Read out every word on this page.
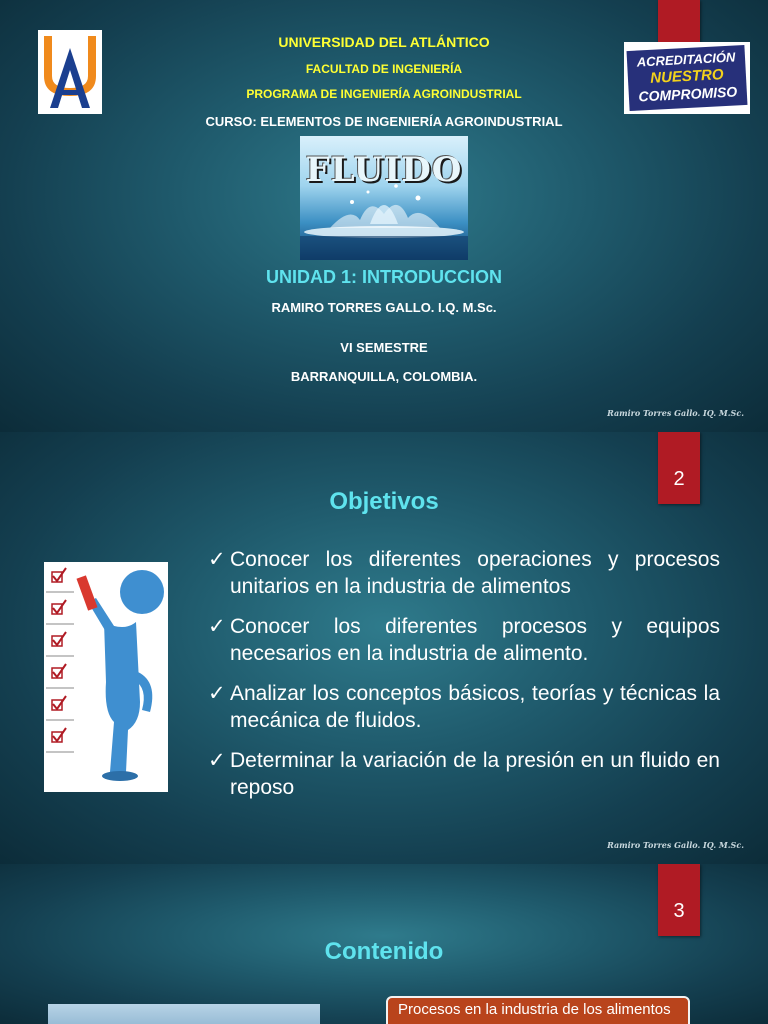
UNIVERSIDAD DEL ATLÁNTICO
FACULTAD DE INGENIERÍA
PROGRAMA DE INGENIERÍA AGROINDUSTRIAL
CURSO: ELEMENTOS DE INGENIERÍA AGROINDUSTRIAL
ACREDITACIÓN
NUESTRO
COMPROMISO
FLUIDO
UNIDAD 1: INTRODUCCION
RAMIRO TORRES GALLO. I.Q. M.Sc.
VI SEMESTRE
BARRANQUILLA, COLOMBIA.
Ramiro Torres Gallo. IQ. M.Sc.
2
Objetivos
✓ Conocer los diferentes operaciones y procesos unitarios en la industria de alimentos
✓ Conocer los diferentes procesos y equipos necesarios en la industria de alimento.
✓ Analizar los conceptos básicos, teorías y técnicas la mecánica de fluidos.
✓ Determinar la variación de la presión en un fluido en reposo
Ramiro Torres Gallo. IQ. M.Sc.
3
Contenido
Procesos en la industria de los alimentos
